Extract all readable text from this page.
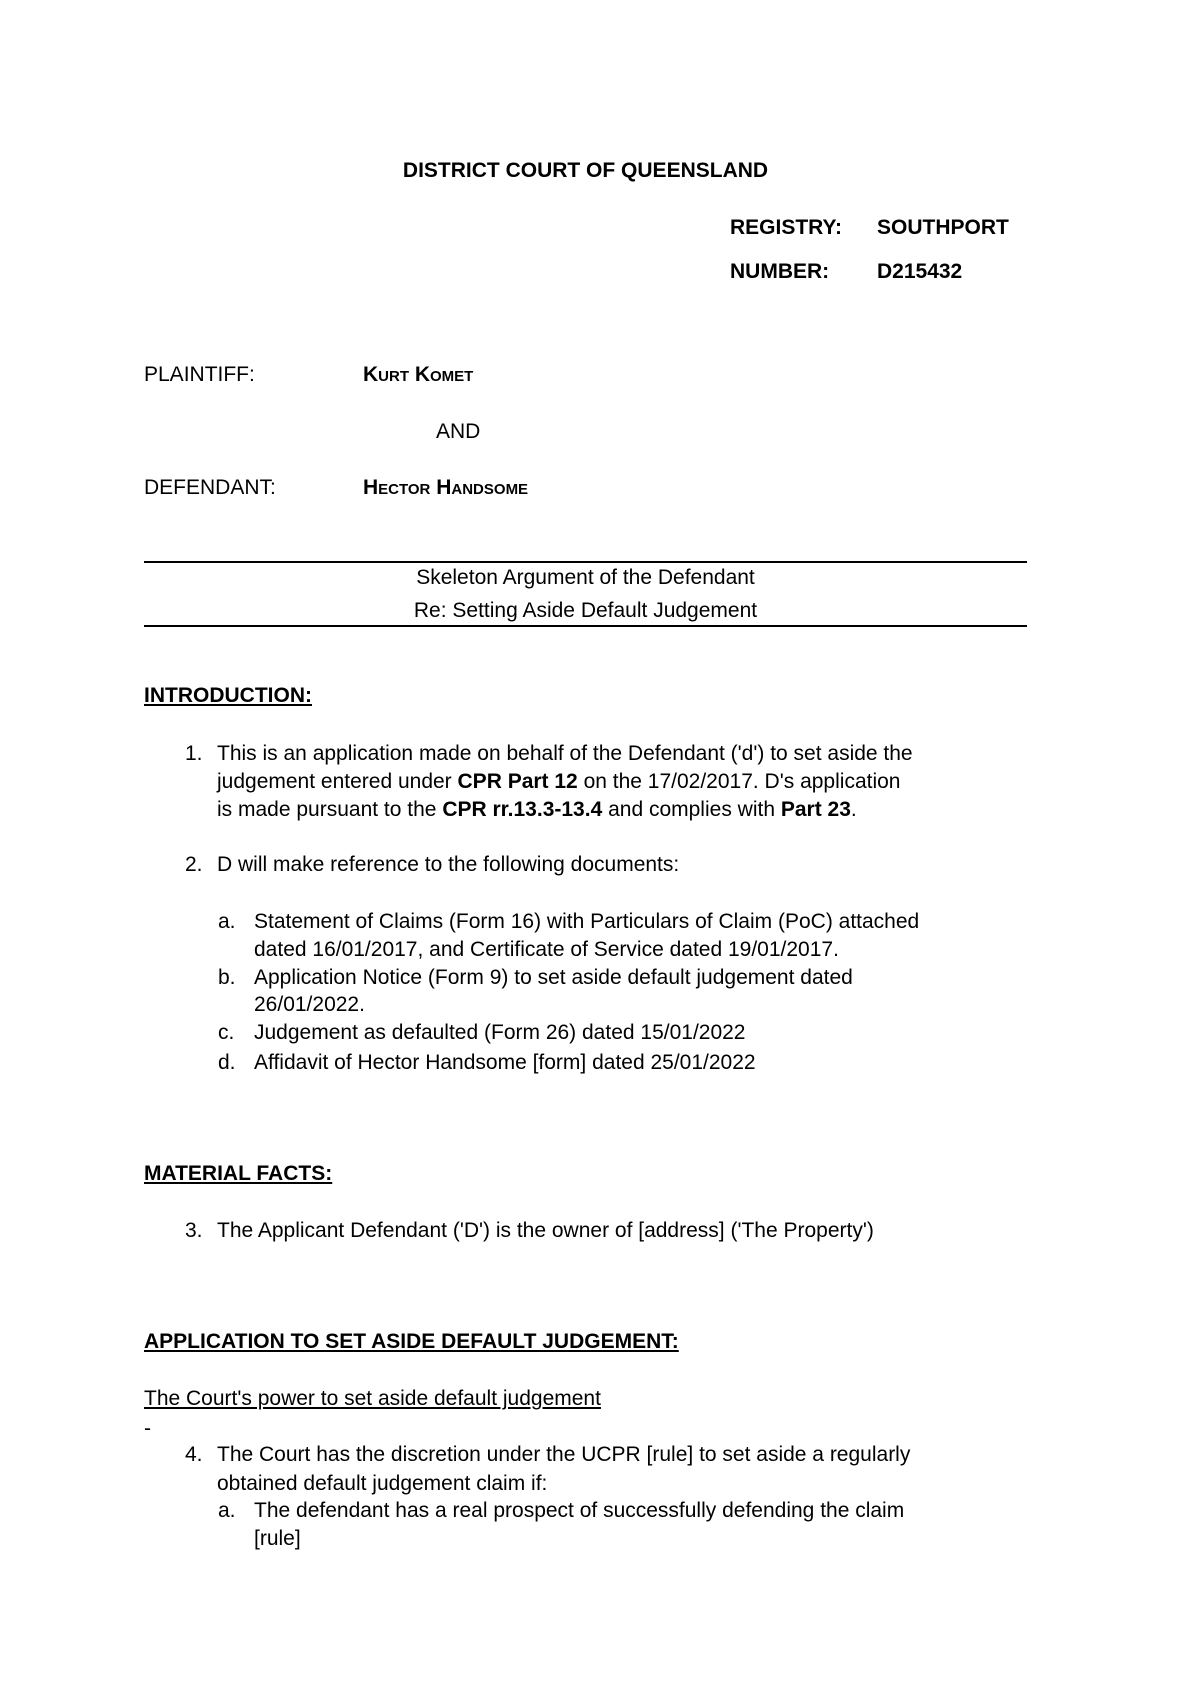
DISTRICT COURT OF QUEENSLAND
REGISTRY: SOUTHPORT
NUMBER: D215432
PLAINTIFF:	Kurt Komet
AND
DEFENDANT:	Hector Handsome
Skeleton Argument of the Defendant
Re: Setting Aside Default Judgement
INTRODUCTION:
1. This is an application made on behalf of the Defendant ('d') to set aside the
judgement entered under CPR Part 12 on the 17/02/2017. D's application
is made pursuant to the CPR rr.13.3-13.4 and complies with Part 23.
2. D will make reference to the following documents:
a. Statement of Claims (Form 16) with Particulars of Claim (PoC) attached
dated 16/01/2017, and Certificate of Service dated 19/01/2017.
b. Application Notice (Form 9) to set aside default judgement dated
26/01/2022.
c. Judgement as defaulted (Form 26) dated 15/01/2022
d. Affidavit of Hector Handsome [form] dated 25/01/2022
MATERIAL FACTS:
3. The Applicant Defendant ('D') is the owner of [address] ('The Property')
APPLICATION TO SET ASIDE DEFAULT JUDGEMENT:
The Court's power to set aside default judgement
-
4. The Court has the discretion under the UCPR [rule] to set aside a regularly
obtained default judgement claim if:
a. The defendant has a real prospect of successfully defending the claim
[rule]
